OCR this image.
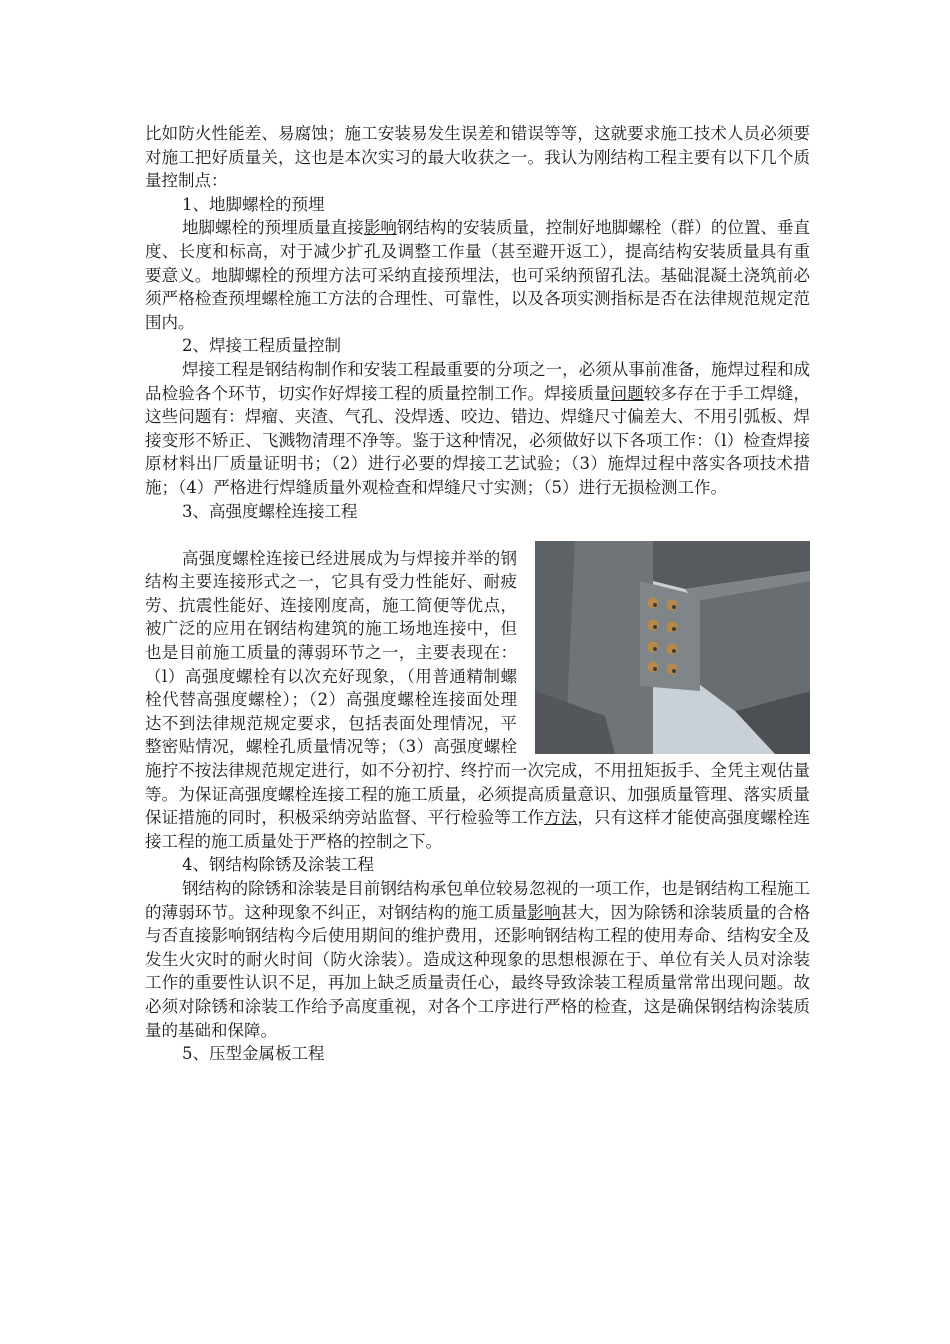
比如防火性能差、易腐蚀；施工安装易发生误差和错误等等，这就要求施工技术人员必须要对施工把好质量关，这也是本次实习的最大收获之一。我认为刚结构工程主要有以下几个质量控制点：

1、地脚螺栓的预埋

地脚螺栓的预埋质量直接影响钢结构的安装质量，控制好地脚螺栓（群）的位置、垂直度、长度和标高，对于减少扩孔及调整工作量（甚至避开返工），提高结构安装质量具有重要意义。地脚螺栓的预埋方法可采纳直接预埋法，也可采纳预留孔法。基础混凝土浇筑前必须严格检查预埋螺栓施工方法的合理性、可靠性，以及各项实测指标是否在法律规范规定范围内。

2、焊接工程质量控制

焊接工程是钢结构制作和安装工程最重要的分项之一，必须从事前准备，施焊过程和成品检验各个环节，切实作好焊接工程的质量控制工作。焊接质量问题较多存在于手工焊缝，这些问题有：焊瘤、夹渣、气孔、没焊透、咬边、错边、焊缝尺寸偏差大、不用引弧板、焊接变形不矫正、飞溅物清理不净等。鉴于这种情况，必须做好以下各项工作：（l）检查焊接原材料出厂质量证明书；（2）进行必要的焊接工艺试验；（3）施焊过程中落实各项技术措施；（4）严格进行焊缝质量外观检查和焊缝尺寸实测；（5）进行无损检测工作。

3、高强度螺栓连接工程

高强度螺栓连接已经进展成为与焊接并举的钢结构主要连接形式之一，它具有受力性能好、耐疲劳、抗震性能好、连接刚度高，施工简便等优点，被广泛的应用在钢结构建筑的施工场地连接中，但也是目前施工质量的薄弱环节之一，主要表现在：（l）高强度螺栓有以次充好现象，（用普通精制螺栓代替高强度螺栓）；（2）高强度螺栓连接面处理达不到法律规范规定要求，包括表面处理情况，平整密贴情况，螺栓孔质量情况等；（3）高强度螺栓施拧不按法律规范规定进行，如不分初拧、终拧而一次完成，不用扭矩扳手、全凭主观估量等。为保证高强度螺栓连接工程的施工质量，必须提高质量意识、加强质量管理、落实质量保证措施的同时，积极采纳旁站监督、平行检验等工作方法，只有这样才能使高强度螺栓连接工程的施工质量处于严格的控制之下。

4、钢结构除锈及涂装工程

钢结构的除锈和涂装是目前钢结构承包单位较易忽视的一项工作，也是钢结构工程施工的薄弱环节。这种现象不纠正，对钢结构的施工质量影响甚大，因为除锈和涂装质量的合格与否直接影响钢结构今后使用期间的维护费用，还影响钢结构工程的使用寿命、结构安全及发生火灾时的耐火时间（防火涂装）。造成这种现象的思想根源在于、单位有关人员对涂装工作的重要性认识不足，再加上缺乏质量责任心，最终导致涂装工程质量常常出现问题。故必须对除锈和涂装工作给予高度重视，对各个工序进行严格的检查，这是确保钢结构涂装质量的基础和保障。

5、压型金属板工程
